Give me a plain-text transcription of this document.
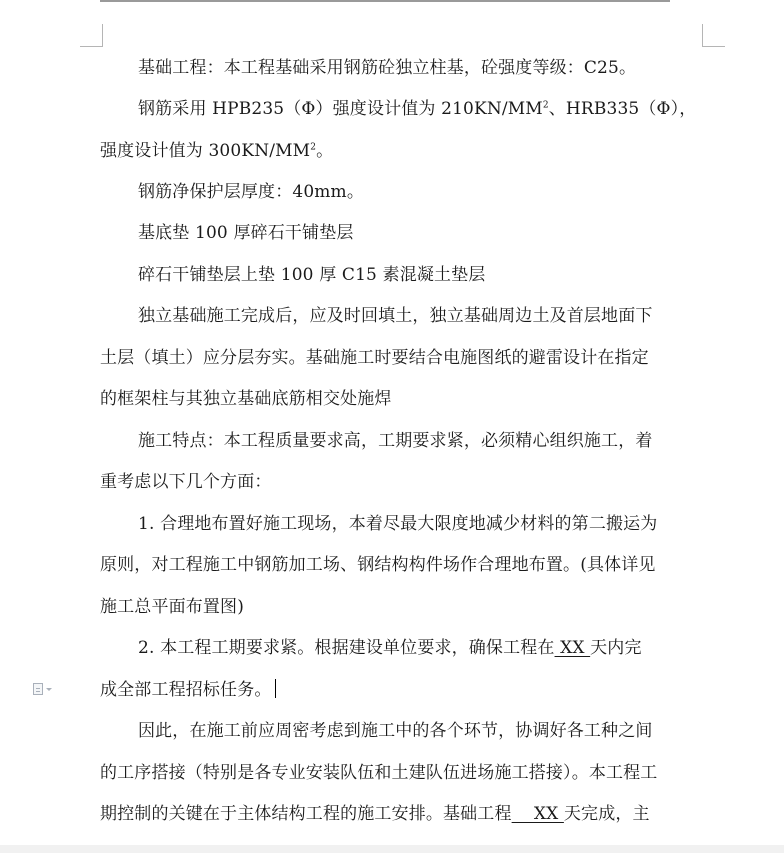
基础工程：本工程基础采用钢筋砼独立柱基，砼强度等级：C25。
钢筋采用 HPB235（Φ）强度设计值为 $210KN/MM^2$、HRB335（Φ），
强度设计值为 $300KN/MM^2$。
钢筋净保护层厚度：40mm。
基底垫 100 厚碎石干铺垫层
碎石干铺垫层上垫 100 厚 C15 素混凝土垫层
独立基础施工完成后，应及时回填土，独立基础周边土及首层地面下
土层（填土）应分层夯实。基础施工时要结合电施图纸的避雷设计在指定
的框架柱与其独立基础底筋相交处施焊
施工特点：本工程质量要求高，工期要求紧，必须精心组织施工，着
重考虑以下几个方面：
1. 合理地布置好施工现场，本着尽最大限度地减少材料的第二搬运为
原则，对工程施工中钢筋加工场、钢结构构件场作合理地布置。(具体详见
施工总平面布置图)
2. 本工程工期要求紧。根据建设单位要求，确保工程在 XX 天内完
成全部工程招标任务。
因此，在施工前应周密考虑到施工中的各个环节，协调好各工种之间
的工序搭接（特别是各专业安装队伍和土建队伍进场施工搭接）。本工程工
期控制的关键在于主体结构工程的施工安排。基础工程    XX 天完成，主
